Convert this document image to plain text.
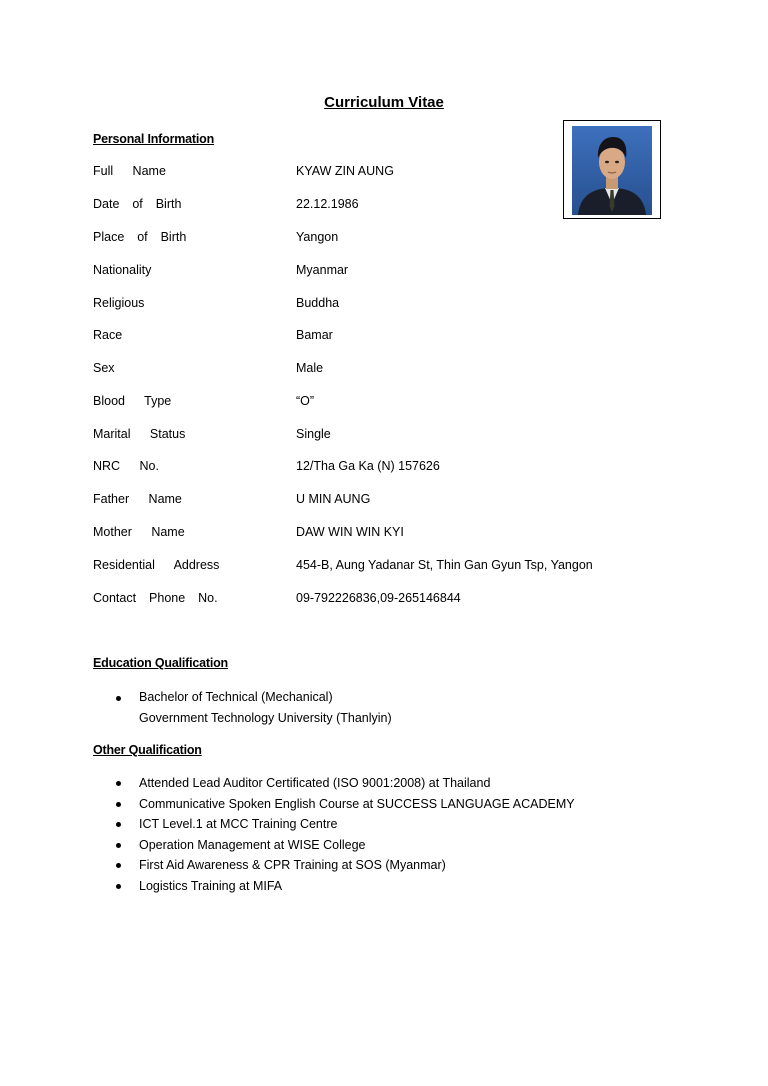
Curriculum Vitae
Personal Information
Full   Name	KYAW ZIN AUNG
Date  of  Birth	22.12.1986
Place  of  Birth	Yangon
Nationality	Myanmar
Religious	Buddha
Race	Bamar
Sex	Male
Blood   Type	“O”
Marital   Status	Single
NRC   No.	12/Tha Ga Ka (N) 157626
Father   Name	U MIN AUNG
Mother   Name	DAW WIN WIN KYI
Residential   Address	454-B, Aung Yadanar St, Thin Gan Gyun Tsp, Yangon
Contact  Phone  No.	09-792226836,09-265146844
Education Qualification
Bachelor of Technical (Mechanical)
Government Technology University (Thanlyin)
Other Qualification
Attended Lead Auditor Certificated (ISO 9001:2008) at Thailand
Communicative Spoken English Course at SUCCESS LANGUAGE ACADEMY
ICT Level.1 at MCC Training Centre
Operation Management at WISE College
First Aid Awareness & CPR Training at SOS (Myanmar)
Logistics Training at MIFA
